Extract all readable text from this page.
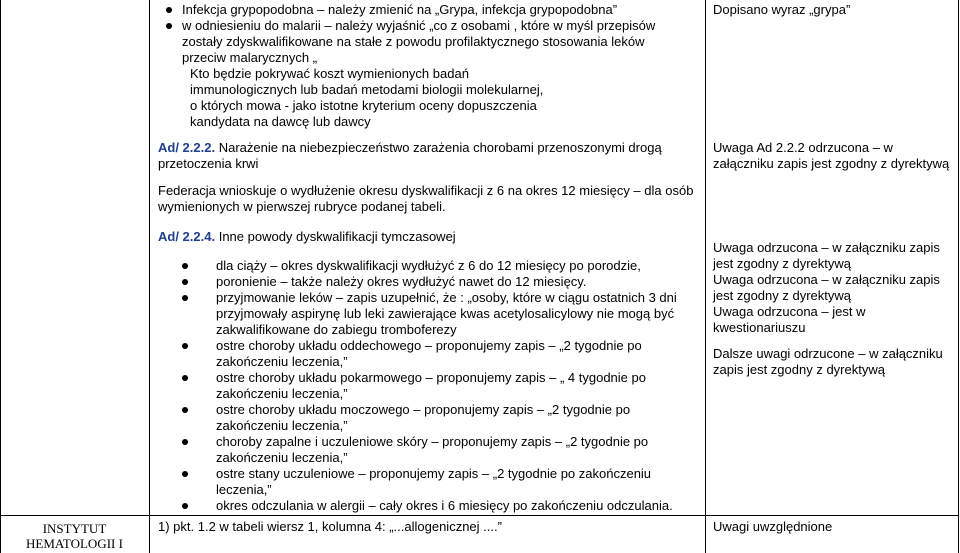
Infekcja grypopodobna – należy zmienić na „Grypa, infekcja grypopodobna”
w odniesieniu do malarii – należy wyjaśnić „co z osobami , które w myśl przepisów
zostały zdyskwalifikowane na stałe z powodu profilaktycznego stosowania leków
przeciw malarycznych „
Kto będzie pokrywać koszt wymienionych badań
immunologicznych lub badań metodami biologii molekularnej,
o których mowa - jako istotne kryterium oceny dopuszczenia
kandydata na dawcę lub dawcy
Ad/ 2.2.2. Narażenie na niebezpieczeństwo zarażenia chorobami przenoszonymi drogą
przetoczenia krwi
Federacja wnioskuje o wydłużenie okresu dyskwalifikacji z 6 na okres 12 miesięcy – dla osób
wymienionych w pierwszej rubryce podanej tabeli.
Ad/ 2.2.4. Inne powody dyskwalifikacji tymczasowej
dla ciąży – okres dyskwalifikacji wydłużyć z 6 do 12 miesięcy po porodzie,
poronienie – także należy okres wydłużyć nawet do 12 miesięcy.
przyjmowanie leków – zapis uzupełnić, że : „osoby, które w ciągu ostatnich 3 dni
przyjmowały aspirynę lub leki zawierające kwas acetylosalicylowy nie mogą być
zakwalifikowane do zabiegu tromboferezy
ostre choroby układu oddechowego – proponujemy zapis – „2 tygodnie po
zakończeniu leczenia,”
ostre choroby układu pokarmowego – proponujemy zapis – „ 4 tygodnie po
zakończeniu leczenia,”
ostre choroby układu moczowego – proponujemy zapis – „2 tygodnie po
zakończeniu leczenia,”
choroby zapalne i uczuleniowe skóry – proponujemy zapis – „2 tygodnie po
zakończeniu leczenia,”
ostre stany uczuleniowe – proponujemy zapis – „2 tygodnie po zakończeniu
leczenia,”
okres odczulania w alergii – cały okres i 6 miesięcy po zakończeniu odczulania.
1) pkt. 1.2 w tabeli wiersz 1, kolumna 4: „...allogenicznej ....”
INSTYTUT
HEMATOLOGII I
Dopisano wyraz „grypa”
Uwaga Ad 2.2.2 odrzucona – w
załączniku zapis jest zgodny z dyrektywą
Uwaga odrzucona – w załączniku zapis
jest zgodny z dyrektywą
Uwaga odrzucona – w załączniku zapis
jest zgodny z dyrektywą
Uwaga odrzucona – jest w
kwestionariuszu
Dalsze uwagi odrzucone – w załączniku
zapis jest zgodny z dyrektywą
Uwagi uwzględnione
